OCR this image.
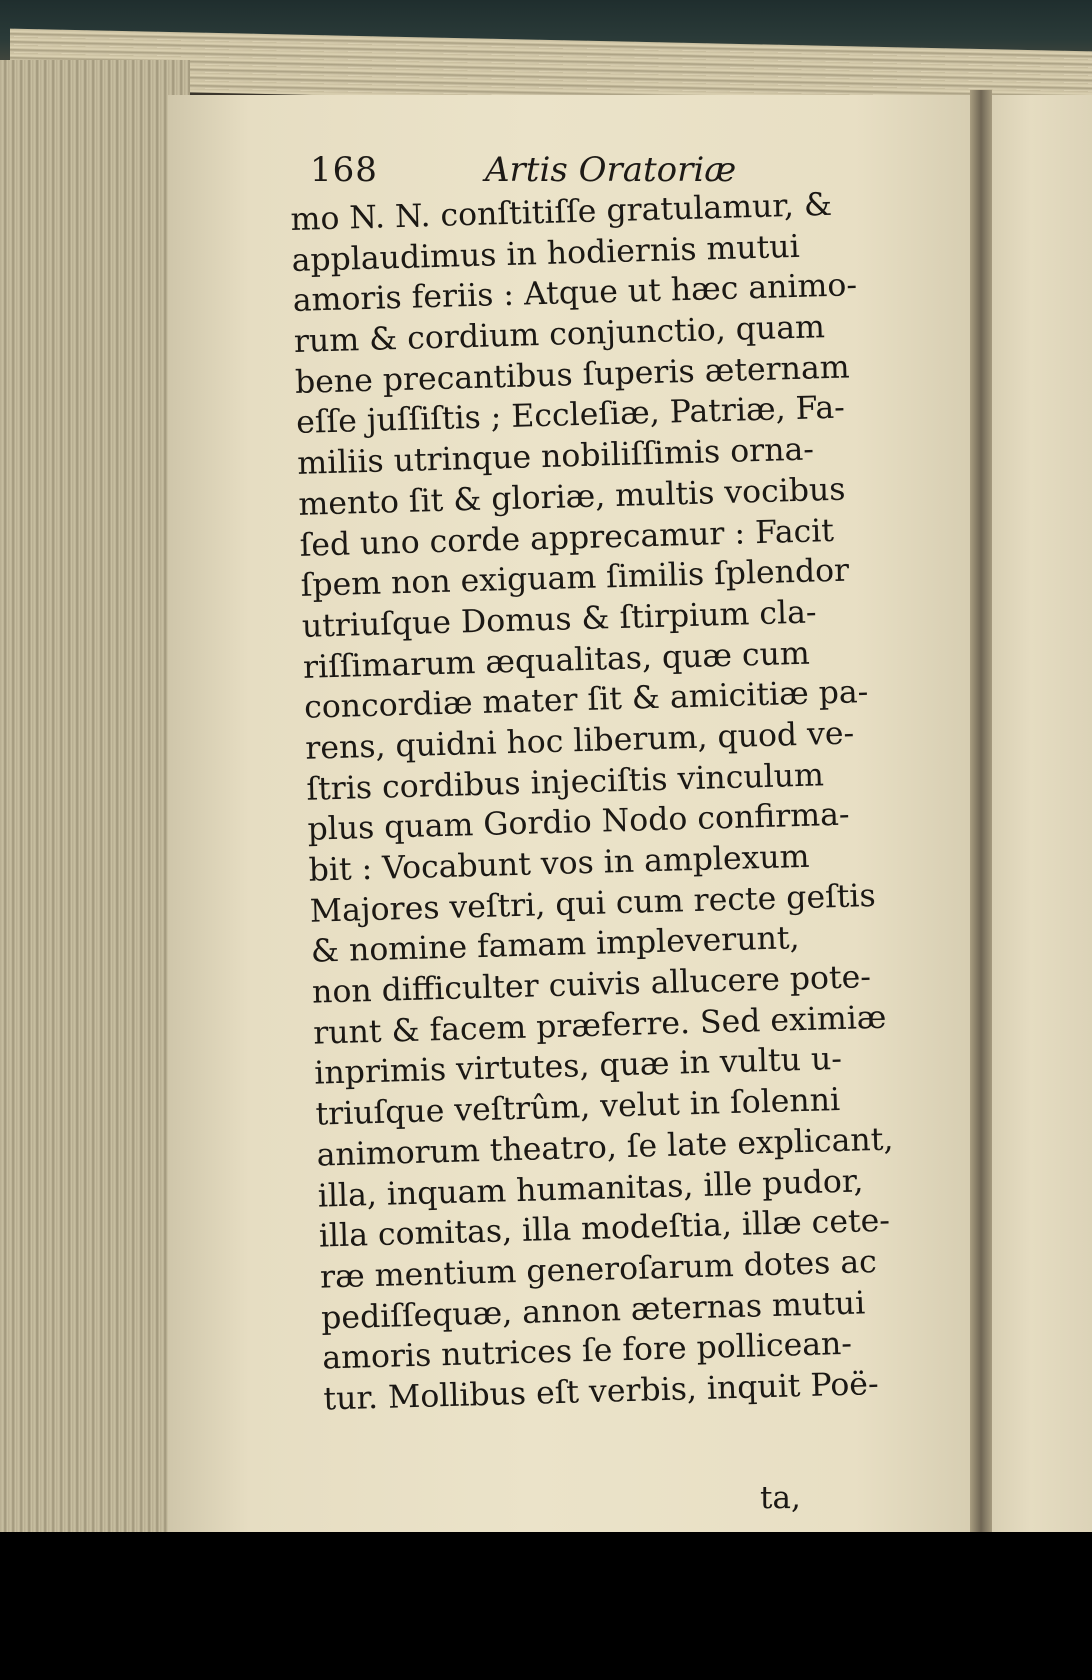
168	Artis Oratoriæ
mo N. N. conſtitiſſe gratulamur, &
applaudimus in hodiernis mutui
amoris feriis : Atque ut hæc animo-
rum & cordium conjunctio, quam
bene precantibus ſuperis æternam
eſſe juſſiſtis ; Eccleſiæ, Patriæ, Fa-
miliis utrinque nobiliſſimis orna-
mento ſit & gloriæ, multis vocibus
ſed uno corde apprecamur : Facit
ſpem non exiguam ſimilis ſplendor
utriuſque Domus & ſtirpium cla-
riſſimarum æqualitas, quæ cum
concordiæ mater ſit & amicitiæ pa-
rens, quidni hoc liberum, quod ve-
ſtris cordibus injeciſtis vinculum
plus quam Gordio Nodo confirma-
bit : Vocabunt vos in amplexum
Majores veſtri, qui cum recte geſtis
& nomine famam impleverunt,
non difficulter cuivis allucere pote-
runt & facem præferre. Sed eximiæ
inprimis virtutes, quæ in vultu u-
triuſque veſtrûm, velut in ſolenni
animorum theatro, ſe late explicant,
illa, inquam humanitas, ille pudor,
illa comitas, illa modeſtia, illæ cete-
ræ mentium generoſarum dotes ac
pediſſequæ, annon æternas mutui
amoris nutrices ſe fore pollicean-
tur. Mollibus eſt verbis, inquit Poë-
ta,
